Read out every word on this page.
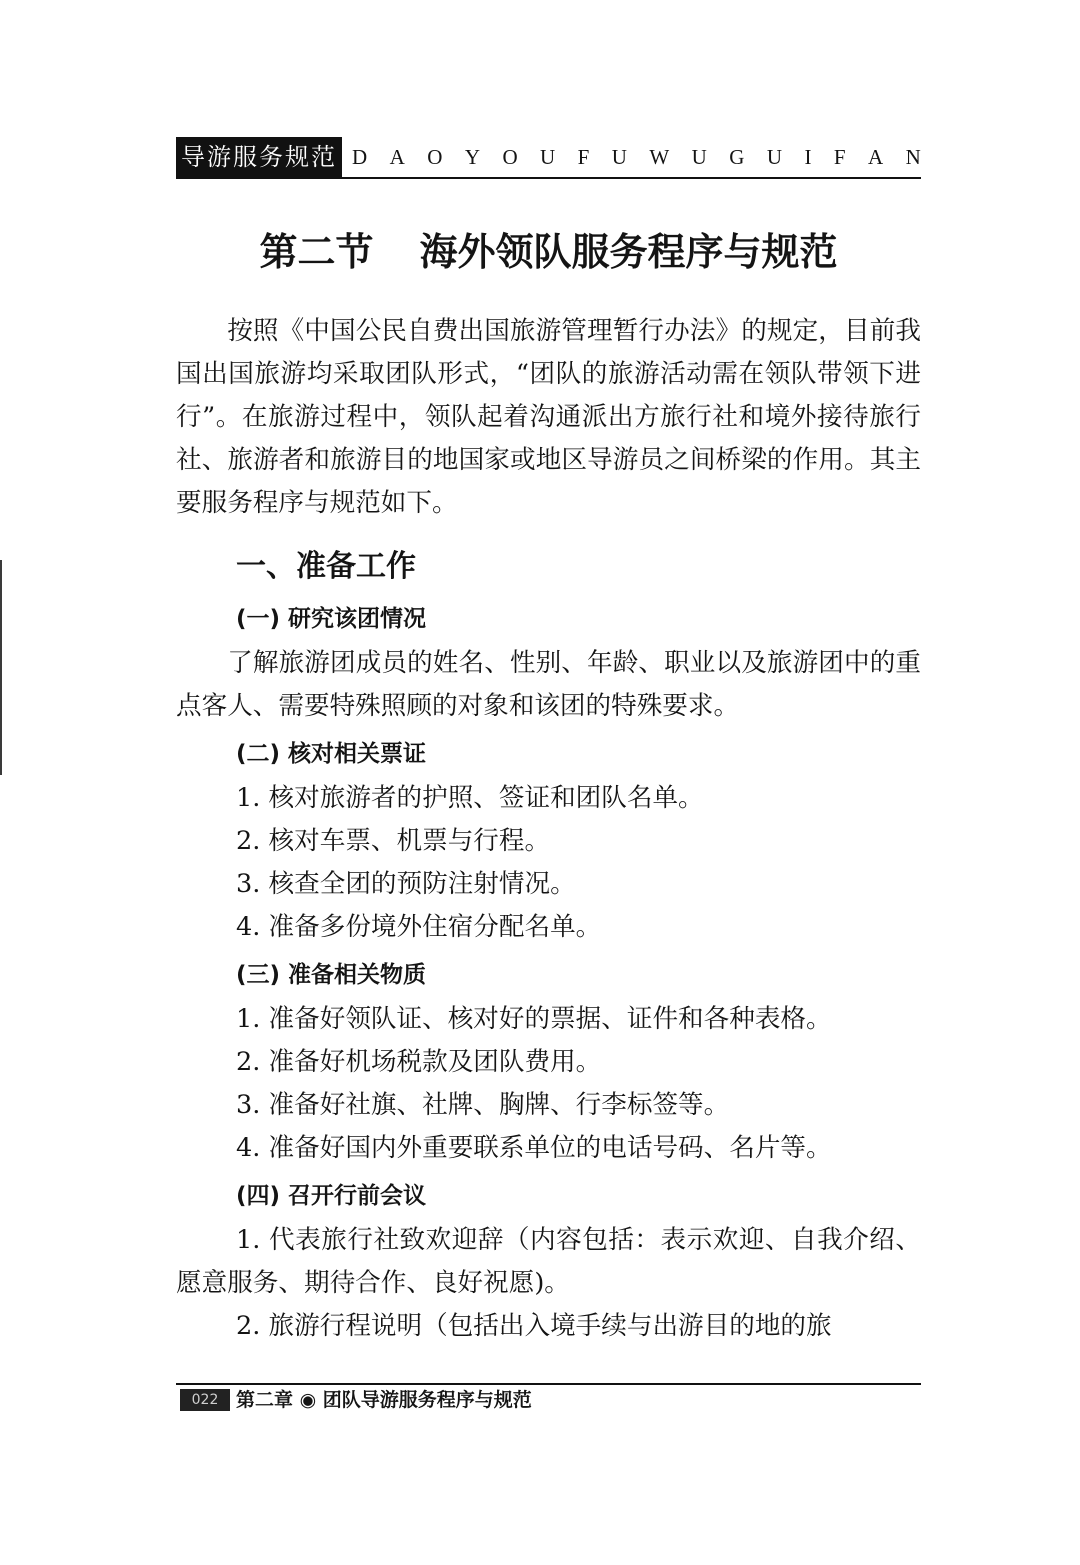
导游服务规范 D A O Y O U F U W U G U I F A N
第二节 海外领队服务程序与规范

按照《中国公民自费出国旅游管理暂行办法》的规定，目前我国出国旅游均采取团队形式，“团队的旅游活动需在领队带领下进行”。在旅游过程中，领队起着沟通派出方旅行社和境外接待旅行社、旅游者和旅游目的地国家或地区导游员之间桥梁的作用。其主要服务程序与规范如下。

一、准备工作
(一) 研究该团情况

了解旅游团成员的姓名、性别、年龄、职业以及旅游团中的重点客人、需要特殊照顾的对象和该团的特殊要求。

(二) 核对相关票证
1. 核对旅游者的护照、签证和团队名单。
2. 核对车票、机票与行程。
3. 核查全团的预防注射情况。
4. 准备多份境外住宿分配名单。
(三) 准备相关物质
1. 准备好领队证、核对好的票据、证件和各种表格。
2. 准备好机场税款及团队费用。
3. 准备好社旗、社牌、胸牌、行李标签等。
4. 准备好国内外重要联系单位的电话号码、名片等。
(四) 召开行前会议
1. 代表旅行社致欢迎辞（内容包括：表示欢迎、自我介绍、愿意服务、期待合作、良好祝愿)。
2. 旅游行程说明（包括出入境手续与出游目的地的旅
022 第二章 ◉ 团队导游服务程序与规范
